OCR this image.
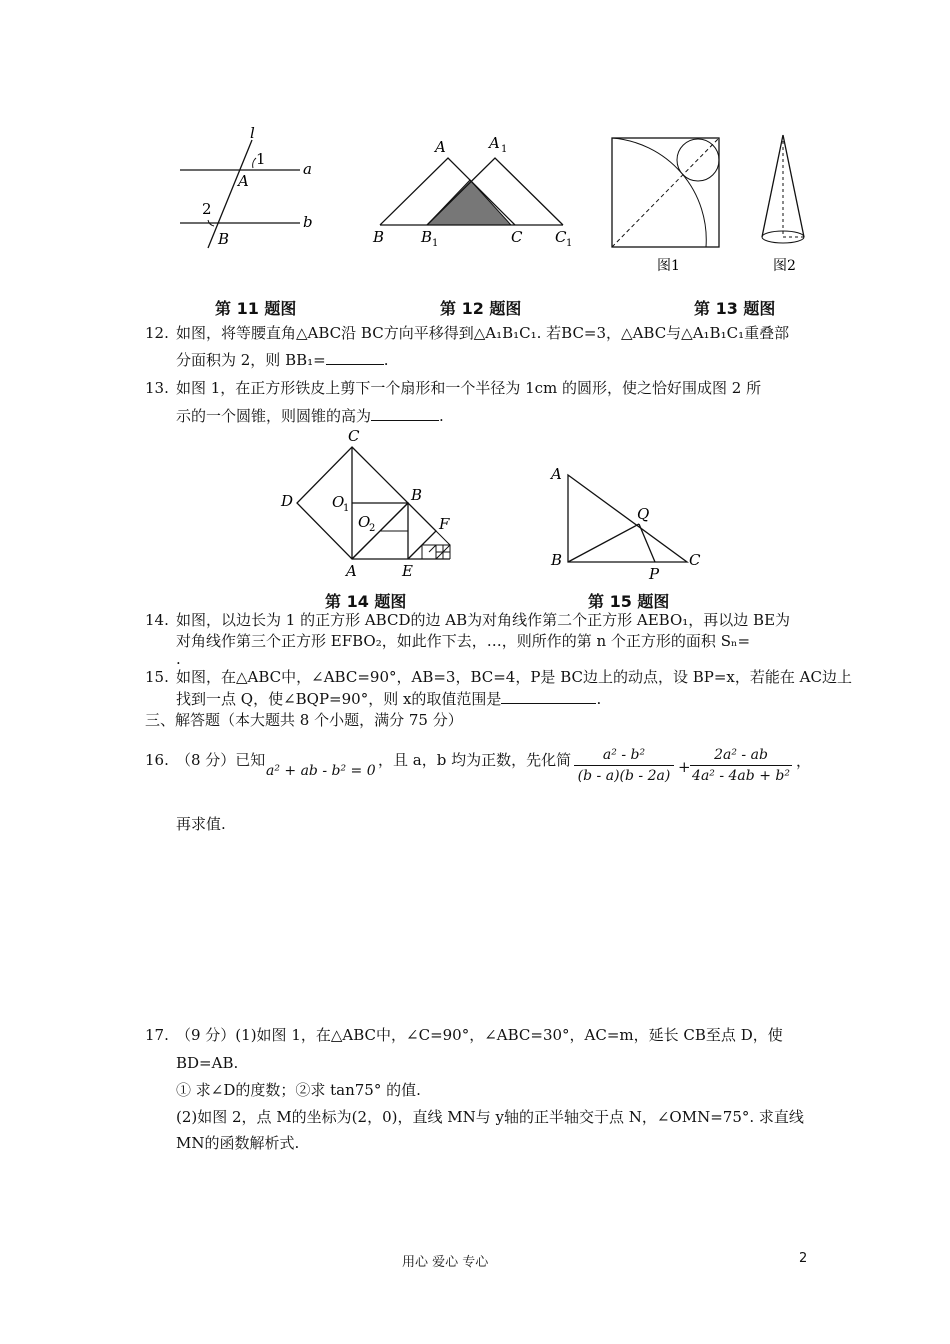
l
1
a
A
2
b
B
A	A 1
B B 1	C C 1
图1	图2
第 11 题图	第 12 题图	第 13 题图
12. 如图，将等腰直角△ABC沿 BC方向平移得到△A₁B₁C₁. 若BC=3，△ABC与△A₁B₁C₁重叠部
分面积为 2，则 BB₁=	.
13. 如图 1，在正方形铁皮上剪下一个扇形和一个半径为 1cm 的圆形，使之恰好围成图 2 所
示的一个圆锥，则圆锥的高为	.
C
D	O
1
B
O
2	F
A	E
A
Q
B
P
C
第 14 题图	第 15 题图
14. 如图，以边长为 1 的正方形 ABCD的边 AB为对角线作第二个正方形 AEBO₁，再以边 BE为
对角线作第三个正方形 EFBO₂，如此作下去，…，则所作的第 n 个正方形的面积 Sₙ=
.
15. 如图，在△ABC中，∠ABC=90°，AB=3，BC=4，P是 BC边上的动点，设 BP=x，若能在 AC边上
找到一点 Q，使∠BQP=90°，则 x的取值范围是	.
三、解答题（本大题共 8 个小题，满分 75 分）
16. （8 分）已知
a² + ab - b² = 0
，且 a，b 均为正数，先化简 $\frac{\text{a² - b²}}{(b - a)(b - 2a)} + \frac{\text{2a² - ab}}{\text{4a² - 4ab + b²}}$ ，
再求值.
17. （9 分）(1)如图 1，在△ABC中，∠C=90°，∠ABC=30°，AC=m，延长 CB至点 D，使
BD=AB.
① 求∠D的度数；②求 tan75° 的值.
(2)如图 2，点 M的坐标为(2，0)，直线 MN与 y轴的正半轴交于点 N，∠OMN=75°. 求直线
MN的函数解析式.
用心 爱心 专心	2
